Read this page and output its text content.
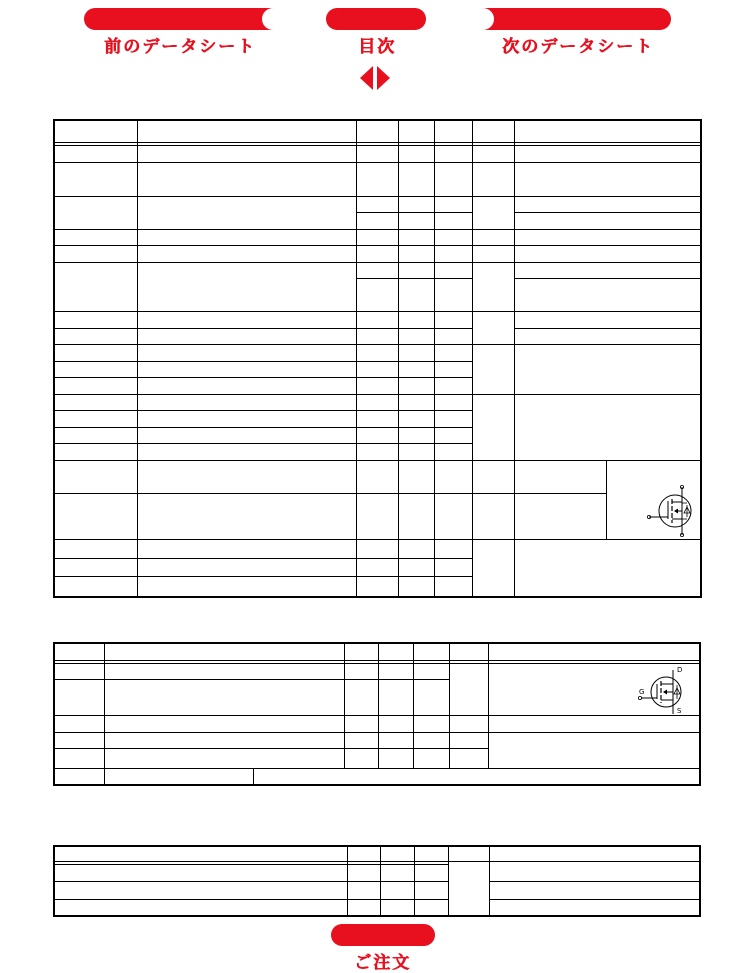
前のデータシート	目次	次のデータシート
D
G
S
ご注文
